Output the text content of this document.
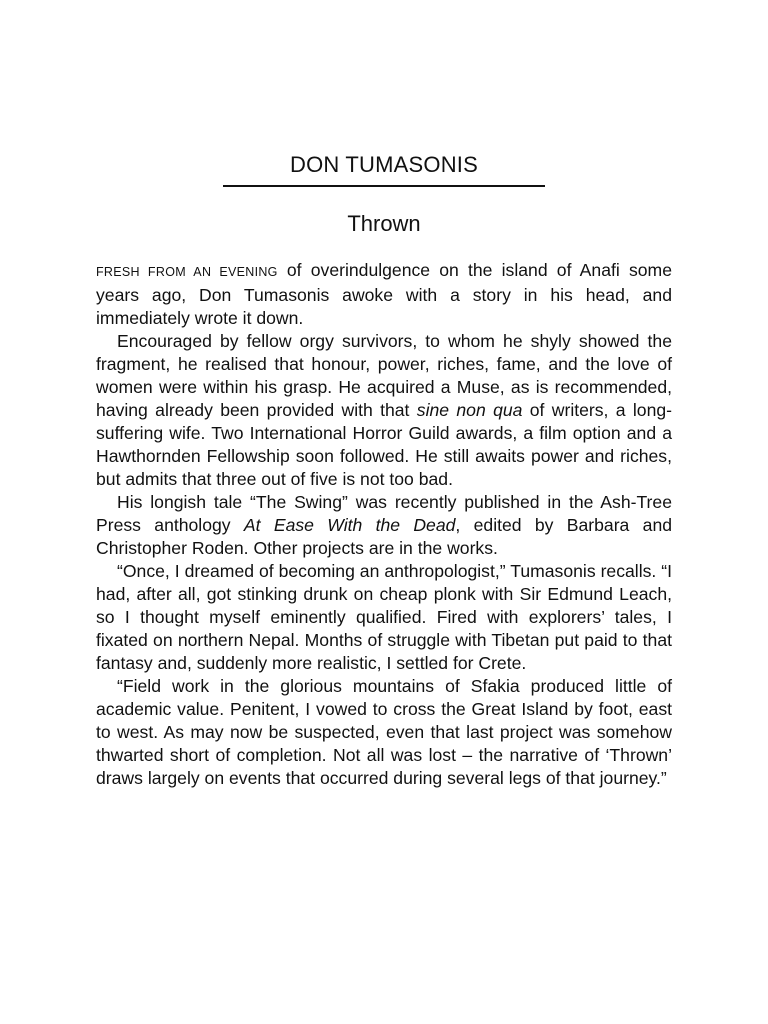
DON TUMASONIS
Thrown

FRESH FROM AN EVENING of overindulgence on the island of Anafi some years ago, Don Tumasonis awoke with a story in his head, and immediately wrote it down.

Encouraged by fellow orgy survivors, to whom he shyly showed the fragment, he realised that honour, power, riches, fame, and the love of women were within his grasp. He acquired a Muse, as is recommended, having already been provided with that sine non qua of writers, a long-suffering wife. Two International Horror Guild awards, a film option and a Hawthornden Fellowship soon followed. He still awaits power and riches, but admits that three out of five is not too bad.

His longish tale “The Swing” was recently published in the Ash-Tree Press anthology At Ease With the Dead, edited by Barbara and Christopher Roden. Other projects are in the works.

“Once, I dreamed of becoming an anthropologist,” Tumasonis recalls. “I had, after all, got stinking drunk on cheap plonk with Sir Edmund Leach, so I thought myself eminently qualified. Fired with explorers’ tales, I fixated on northern Nepal. Months of struggle with Tibetan put paid to that fantasy and, suddenly more realistic, I settled for Crete.

“Field work in the glorious mountains of Sfakia produced little of academic value. Penitent, I vowed to cross the Great Island by foot, east to west. As may now be suspected, even that last project was somehow thwarted short of completion. Not all was lost – the narrative of ‘Thrown’ draws largely on events that occurred during several legs of that journey.”
